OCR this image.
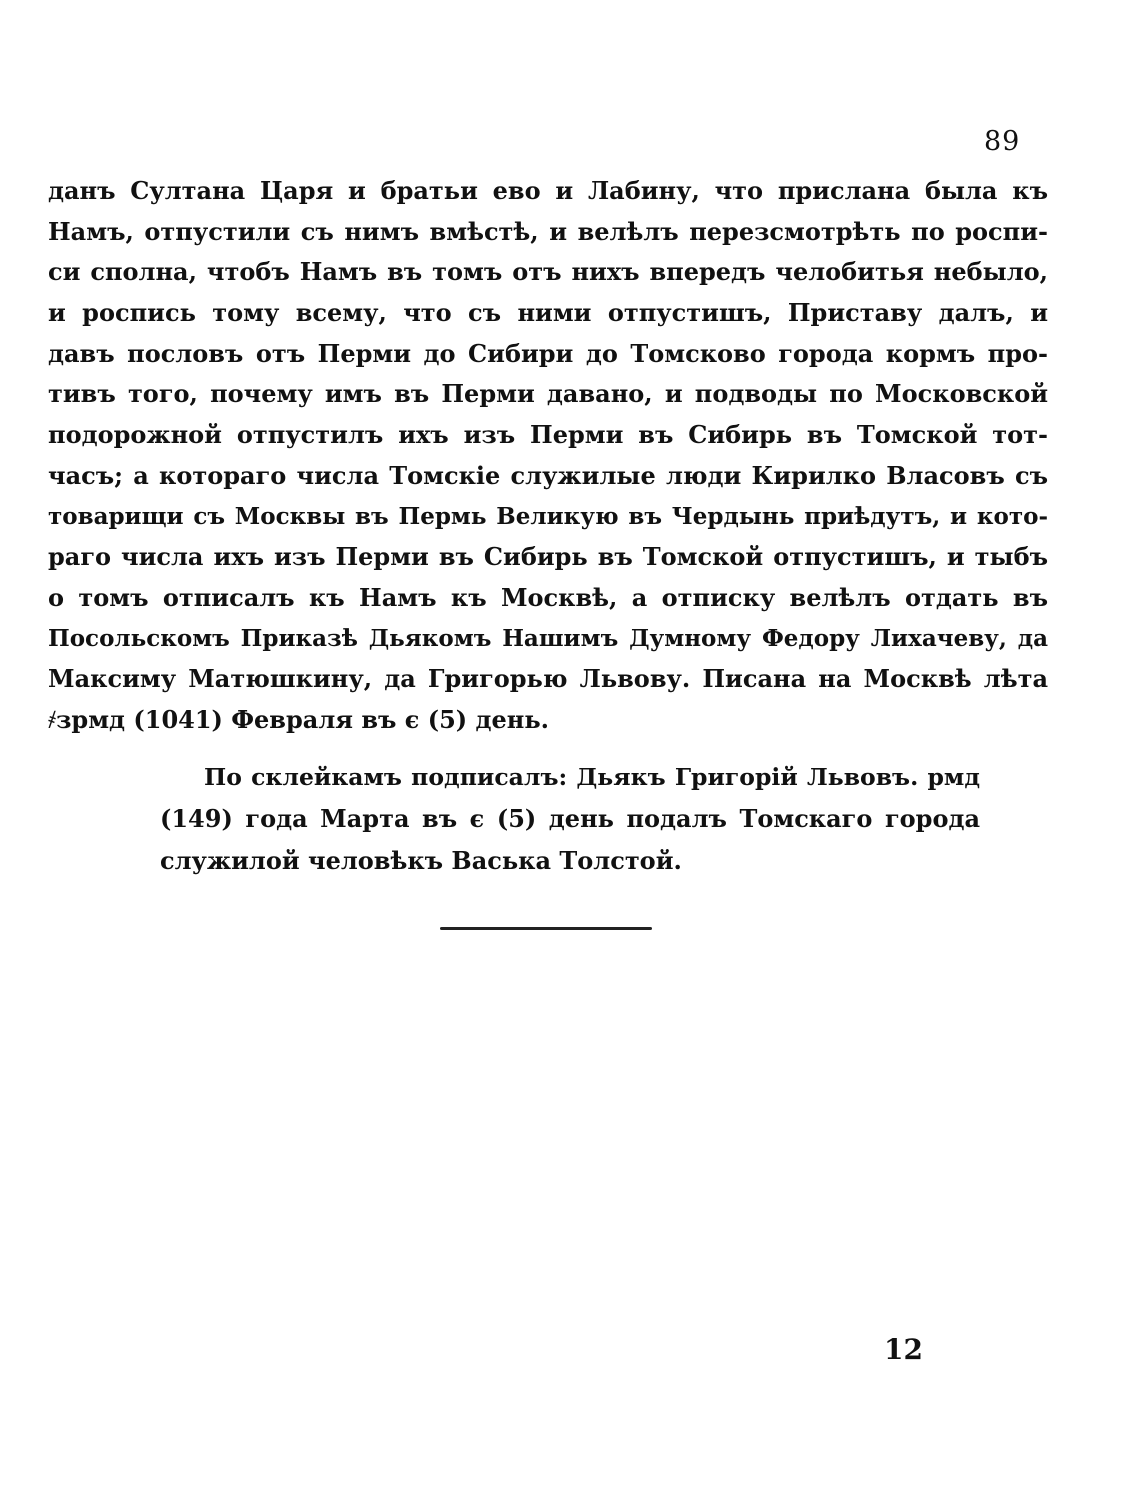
89
данъ Султана Царя и братьи ево и Лабину, что прислана была къ
Намъ, отпустили съ нимъ вмѣстѣ, и велѣлъ перезсмотрѣть по роспи-
си сполна, чтобъ Намъ въ томъ отъ нихъ впередъ челобитья небыло,
и роспись тому всему, что съ ними отпустишъ, Приставу далъ, и
давъ пословъ отъ Перми до Сибири до Томсково города кормъ про-
тивъ того, почему имъ въ Перми давано, и подводы по Московской
подорожной отпустилъ ихъ изъ Перми въ Сибирь въ Томской тот-
часъ; а котораго числа Томскіе служилые люди Кирилко Власовъ съ
товарищи съ Москвы въ Пермь Великую въ Чердынь приѣдутъ, и кото-
раго числа ихъ изъ Перми въ Сибирь въ Томской отпустишъ, и тыбъ
о томъ отписалъ къ Намъ къ Москвѣ, а отписку велѣлъ отдать въ
Посольскомъ Приказѣ Дьякомъ Нашимъ Думному Федору Лихачеву, да
Максиму Матюшкину, да Григорью Львову. Писана на Москвѣ лѣта
҂зрмд (1041) Февраля въ є (5) день.
По склейкамъ подписалъ: Дьякъ Григорій Львовъ. рмд
(149) года Марта въ є (5) день подалъ Томскаго города
служилой человѣкъ Васька Толстой.
12
